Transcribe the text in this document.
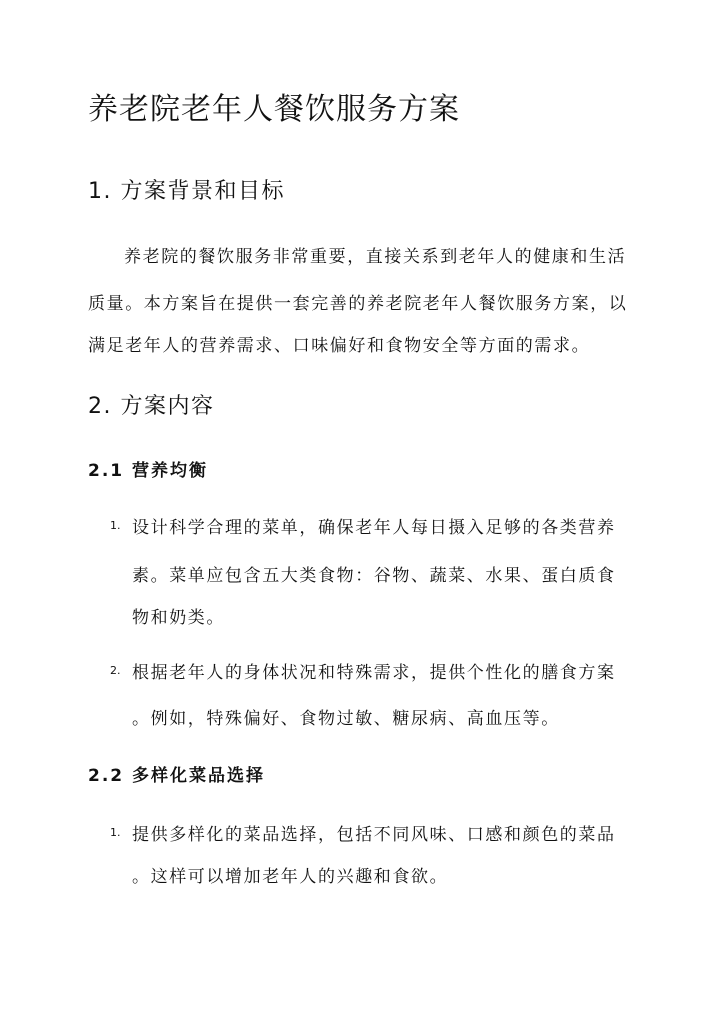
养老院老年人餐饮服务方案
1. 方案背景和目标
养老院的餐饮服务非常重要，直接关系到老年人的健康和生活
质量。本方案旨在提供一套完善的养老院老年人餐饮服务方案，以
满足老年人的营养需求、口味偏好和食物安全等方面的需求。
2. 方案内容
2.1 营养均衡
1. 设计科学合理的菜单，确保老年人每日摄入足够的各类营养
素。菜单应包含五大类食物：谷物、蔬菜、水果、蛋白质食
物和奶类。
2. 根据老年人的身体状况和特殊需求，提供个性化的膳食方案
。例如，特殊偏好、食物过敏、糖尿病、高血压等。
2.2 多样化菜品选择
1. 提供多样化的菜品选择，包括不同风味、口感和颜色的菜品
。这样可以增加老年人的兴趣和食欲。
